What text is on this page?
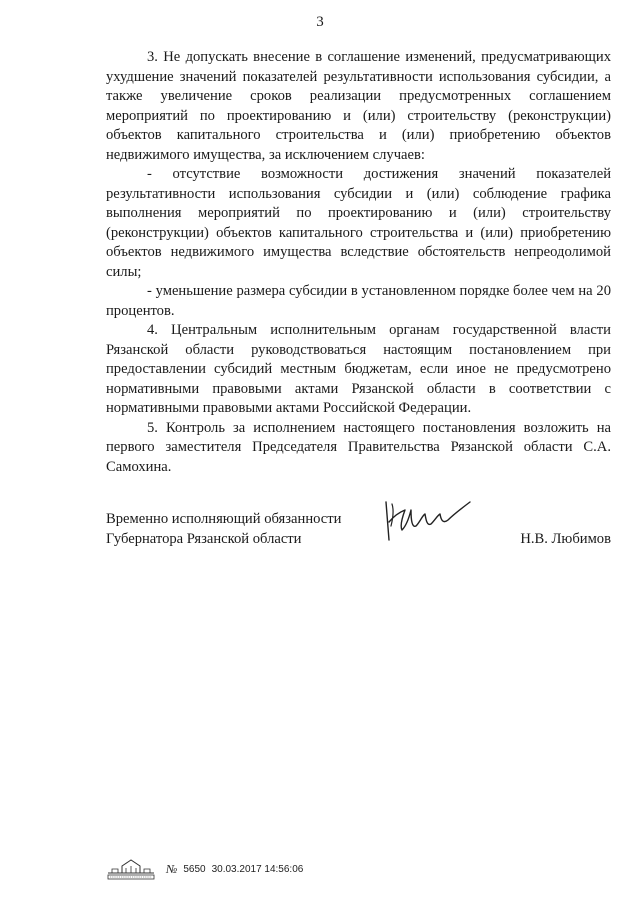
3

3. Не допускать внесение в соглашение изменений, предусматривающих ухудшение значений показателей результативности использования субсидии, а также увеличение сроков реализации предусмотренных соглашением мероприятий по проектированию и (или) строительству (реконструкции) объектов капитального строительства и (или) приобретению объектов недвижимого имущества, за исключением случаев:

- отсутствие возможности достижения значений показателей результативности использования субсидии и (или) соблюдение графика выполнения мероприятий по проектированию и (или) строительству (реконструкции) объектов капитального строительства и (или) приобретению объектов недвижимого имущества вследствие обстоятельств непреодолимой силы;

- уменьшение размера субсидии в установленном порядке более чем на 20 процентов.

4. Центральным исполнительным органам государственной власти Рязанской области руководствоваться настоящим постановлением при предоставлении субсидий местным бюджетам, если иное не предусмотрено нормативными правовыми актами Рязанской области в соответствии с нормативными правовыми актами Российской Федерации.

5. Контроль за исполнением настоящего постановления возложить на первого заместителя Председателя Правительства Рязанской области С.А. Самохина.

Временно исполняющий обязанности
Губернатора Рязанской области	Н.В. Любимов
№ 5650 30.03.2017 14:56:06
